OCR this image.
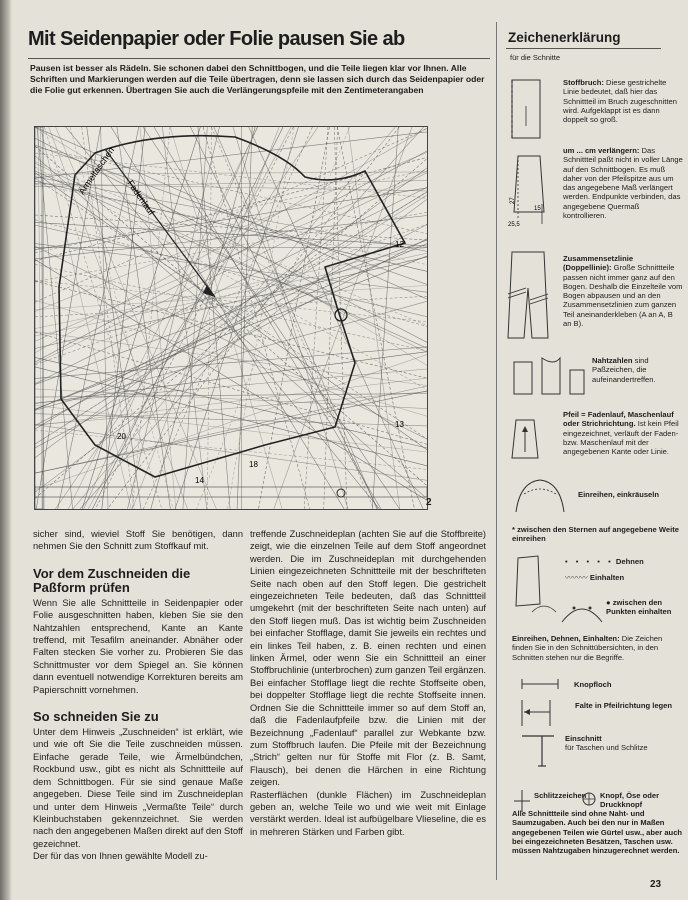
Mit Seidenpapier oder Folie pausen Sie ab

Pausen ist besser als Rädeln. Sie schonen dabei den Schnittbogen, und die Teile liegen klar vor Ihnen. Alle Schriften und Markierungen werden auf die Teile übertragen, denn sie lassen sich durch das Seidenpapier oder die Folie gut erkennen. Übertragen Sie auch die Verlängerungspfeile mit den Zentimeterangaben

Ärmeltaschen
Fadenlauf
20
14
18
12
13
2

sicher sind, wieviel Stoff Sie benötigen, dann nehmen Sie den Schnitt zum Stoffkauf mit.

Vor dem Zuschneiden die
Paßform prüfen

Wenn Sie alle Schnittteile in Seidenpapier oder Folie ausgeschnitten haben, kleben Sie sie den Nahtzahlen entsprechend, Kante an Kante treffend, mit Tesafilm aneinander. Abnäher oder Falten stecken Sie vorher zu. Probieren Sie das Schnittmuster vor dem Spiegel an. Sie können dann eventuell notwendige Korrekturen bereits am Papierschnitt vornehmen.

So schneiden Sie zu

Unter dem Hinweis „Zuschneiden“ ist erklärt, wie und wie oft Sie die Teile zuschneiden müssen. Einfache gerade Teile, wie Ärmelbündchen, Rockbund usw., gibt es nicht als Schnittteile auf dem Schnittbogen. Für sie sind genaue Maße angegeben. Diese Teile sind im Zuschneideplan und unter dem Hinweis „Vermaßte Teile“ durch Kleinbuchstaben gekennzeichnet. Sie werden nach den angegebenen Maßen direkt auf den Stoff gezeichnet.

Der für das von Ihnen gewählte Modell zu-

treffende Zuschneideplan (achten Sie auf die Stoffbreite) zeigt, wie die einzelnen Teile auf dem Stoff angeordnet werden. Die im Zuschneideplan mit durchgehenden Linien eingezeichneten Schnittteile mit der beschrifteten Seite nach oben auf den Stoff legen. Die gestrichelt eingezeichneten Teile bedeuten, daß das Schnittteil umgekehrt (mit der beschrifteten Seite nach unten) auf den Stoff liegen muß. Das ist wichtig beim Zuschneiden bei einfacher Stofflage, damit Sie jeweils ein rechtes und ein linkes Teil haben, z. B. einen rechten und einen linken Ärmel, oder wenn Sie ein Schnittteil an einer Stoffbruchlinie (unterbrochen) zum ganzen Teil ergänzen. Bei einfacher Stofflage liegt die rechte Stoffseite oben, bei doppelter Stofflage liegt die rechte Stoffseite innen. Ordnen Sie die Schnittteile immer so auf dem Stoff an, daß die Fadenlaufpfeile bzw. die Linien mit der Bezeichnung „Fadenlauf“ parallel zur Webkante bzw. zum Stoffbruch laufen. Die Pfeile mit der Bezeichnung „Strich“ gelten nur für Stoffe mit Flor (z. B. Samt, Flausch), bei denen die Härchen in eine Richtung zeigen.

Rasterflächen (dunkle Flächen) im Zuschneideplan geben an, welche Teile wo und wie weit mit Einlage verstärkt werden. Ideal ist aufbügelbare Vlieseline, die es in mehreren Stärken und Farben gibt.

Zeichenerklärung
für die Schnitte
Stoffbruch: Diese gestrichelte Linie bedeutet, daß hier das Schnittteil im Bruch zugeschnitten wird. Aufgeklappt ist es dann doppelt so groß.
27
25,5
15
um ... cm verlängern: Das Schnittteil paßt nicht in voller Länge auf den Schnittbogen. Es muß daher von der Pfeilspitze aus um das angegebene Maß verlängert werden. Endpunkte verbinden, das angegebene Quermaß kontrollieren.
Zusammensetzlinie (Doppellinie): Große Schnittteile passen nicht immer ganz auf den Bogen. Deshalb die Einzelteile vom Bogen abpausen und an den Zusammensetzlinien zum ganzen Teil aneinanderkleben (A an A, B an B).
Nahtzahlen sind Paßzeichen, die aufeinandertreffen.
Pfeil = Fadenlauf, Maschenlauf oder Strichrichtung. Ist kein Pfeil eingezeichnet, verläuft der Faden- bzw. Maschenlauf mit der angegebenen Kante oder Linie.
Einreihen, einkräuseln
* zwischen den Sternen auf angegebene Weite einreihen
• • • • • Dehnen
〰〰〰 Einhalten
● zwischen den Punkten einhalten
Einreihen, Dehnen, Einhalten: Die Zeichen finden Sie in den Schnittübersichten, in den Schnitten stehen nur die Begriffe.
Knopfloch
Falte in Pfeilrichtung legen
Einschnitt
für Taschen und Schlitze
Schlitzzeichen Knopf, Öse oder Druckknopf
Alle Schnittteile sind ohne Naht- und Saumzugaben. Auch bei den nur in Maßen angegebenen Teilen wie Gürtel usw., aber auch bei eingezeichneten Besätzen, Taschen usw. müssen Nahtzugaben hinzugerechnet werden.
23
